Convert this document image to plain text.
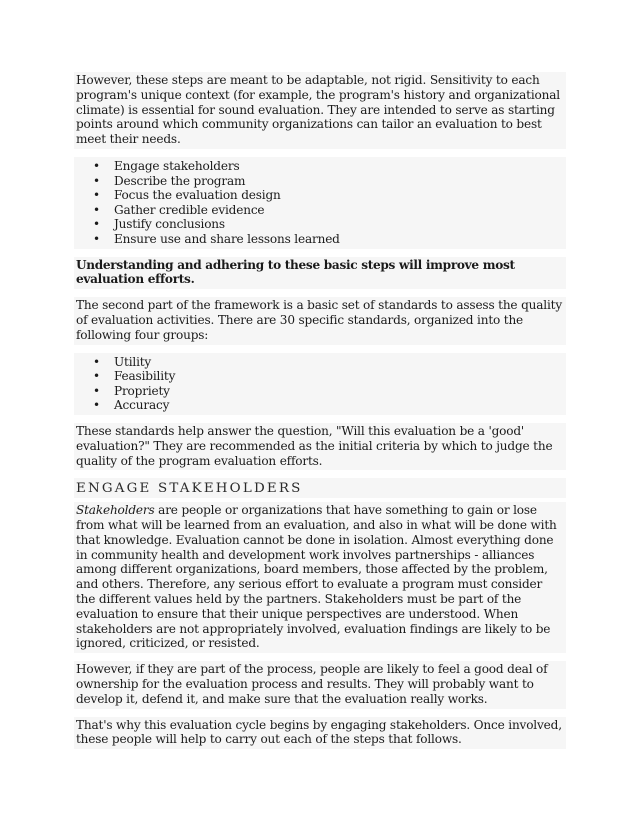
However, these steps are meant to be adaptable, not rigid. Sensitivity to each program's unique context (for example, the program's history and organizational climate) is essential for sound evaluation. They are intended to serve as starting points around which community organizations can tailor an evaluation to best meet their needs.

• Engage stakeholders
• Describe the program
• Focus the evaluation design
• Gather credible evidence
• Justify conclusions
• Ensure use and share lessons learned

Understanding and adhering to these basic steps will improve most evaluation efforts.

The second part of the framework is a basic set of standards to assess the quality of evaluation activities. There are 30 specific standards, organized into the following four groups:

• Utility
• Feasibility
• Propriety
• Accuracy

These standards help answer the question, "Will this evaluation be a 'good' evaluation?" They are recommended as the initial criteria by which to judge the quality of the program evaluation efforts.

ENGAGE STAKEHOLDERS

Stakeholders are people or organizations that have something to gain or lose from what will be learned from an evaluation, and also in what will be done with that knowledge. Evaluation cannot be done in isolation. Almost everything done in community health and development work involves partnerships - alliances among different organizations, board members, those affected by the problem, and others. Therefore, any serious effort to evaluate a program must consider the different values held by the partners. Stakeholders must be part of the evaluation to ensure that their unique perspectives are understood. When stakeholders are not appropriately involved, evaluation findings are likely to be ignored, criticized, or resisted.

However, if they are part of the process, people are likely to feel a good deal of ownership for the evaluation process and results. They will probably want to develop it, defend it, and make sure that the evaluation really works.

That's why this evaluation cycle begins by engaging stakeholders. Once involved, these people will help to carry out each of the steps that follows.
